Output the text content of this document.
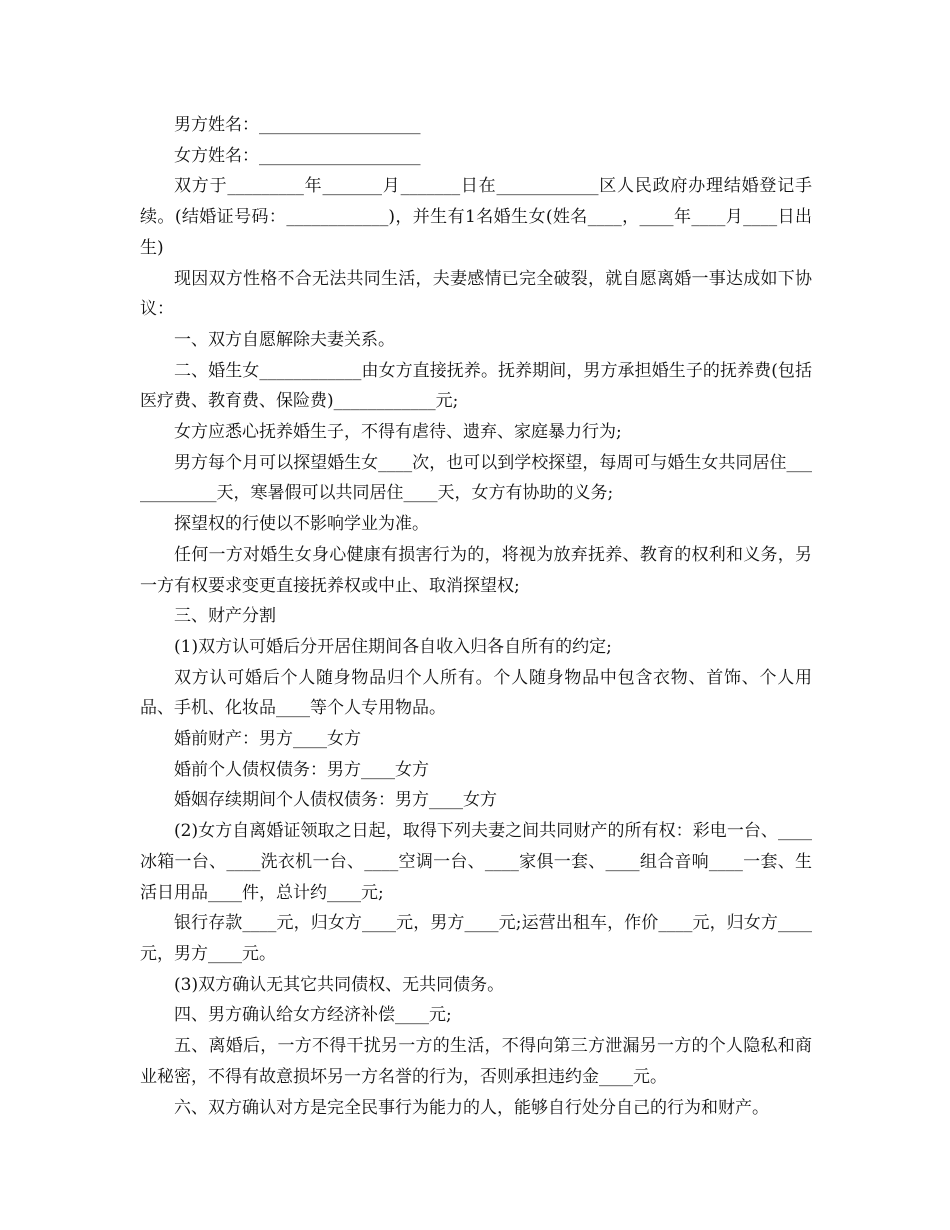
男方姓名：___________________

女方姓名：___________________

双方于_________年_______月_______日在____________区人民政府办理结婚登记手续。(结婚证号码：____________)，并生有1名婚生女(姓名____，____年____月____日出生)

现因双方性格不合无法共同生活，夫妻感情已完全破裂，就自愿离婚一事达成如下协议：

一、双方自愿解除夫妻关系。

二、婚生女____________由女方直接抚养。抚养期间，男方承担婚生子的抚养费(包括医疗费、教育费、保险费)____________元;

女方应悉心抚养婚生子，不得有虐待、遗弃、家庭暴力行为;

男方每个月可以探望婚生女____次，也可以到学校探望，每周可与婚生女共同居住____________天，寒暑假可以共同居住____天，女方有协助的义务;

探望权的行使以不影响学业为准。

任何一方对婚生女身心健康有损害行为的，将视为放弃抚养、教育的权利和义务，另一方有权要求变更直接抚养权或中止、取消探望权;

三、财产分割

(1)双方认可婚后分开居住期间各自收入归各自所有的约定;

双方认可婚后个人随身物品归个人所有。个人随身物品中包含衣物、首饰、个人用品、手机、化妆品____等个人专用物品。

婚前财产：男方____女方

婚前个人债权债务：男方____女方

婚姻存续期间个人债权债务：男方____女方

(2)女方自离婚证领取之日起，取得下列夫妻之间共同财产的所有权：彩电一台、____冰箱一台、____洗衣机一台、____空调一台、____家俱一套、____组合音响____一套、生活日用品____件，总计约____元;

银行存款____元，归女方____元，男方____元;运营出租车，作价____元，归女方____元，男方____元。

(3)双方确认无其它共同债权、无共同债务。

四、男方确认给女方经济补偿____元;

五、离婚后，一方不得干扰另一方的生活，不得向第三方泄漏另一方的个人隐私和商业秘密，不得有故意损坏另一方名誉的行为，否则承担违约金____元。

六、双方确认对方是完全民事行为能力的人，能够自行处分自己的行为和财产。
